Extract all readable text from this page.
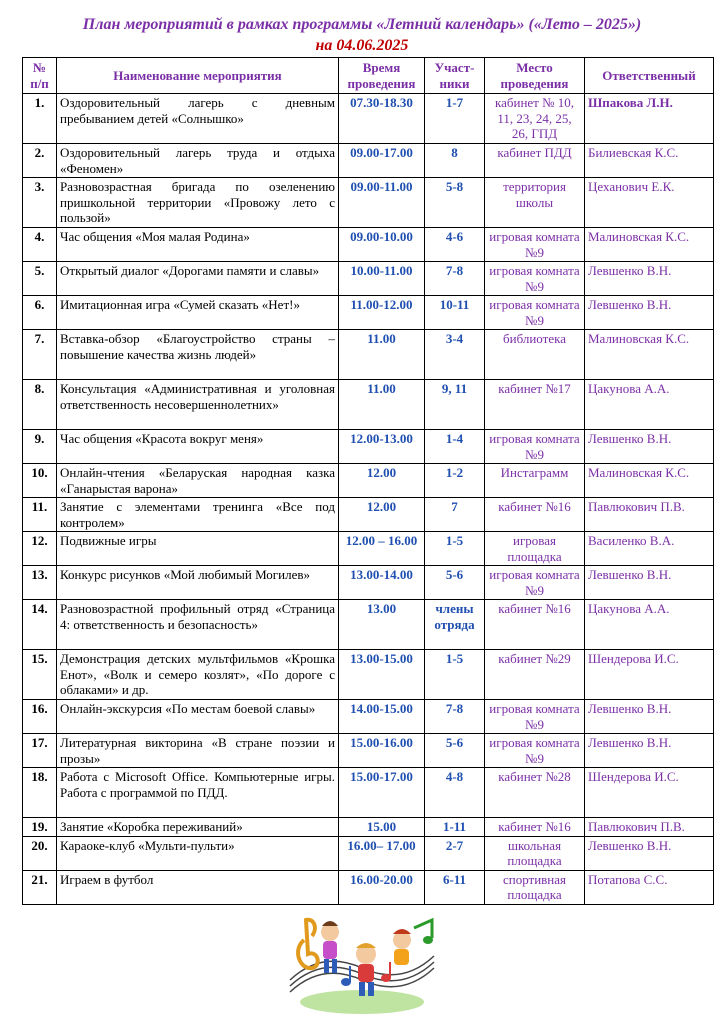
План мероприятий в рамках программы «Летний календарь» («Лето – 2025»)
на 04.06.2025
№ п/п	Наименование мероприятия	Время проведения	Участ-ники	Место проведения	Ответственный
1.	Оздоровительный лагерь с дневным пребыванием детей «Солнышко»	07.30-18.30	1-7	кабинет № 10, 11, 23, 24, 25, 26, ГПД	Шпакова Л.Н.
2.	Оздоровительный лагерь труда и отдыха «Феномен»	09.00-17.00	8	кабинет ПДД	Билиевская К.С.
3.	Разновозрастная бригада по озеленению пришкольной территории «Провожу лето с пользой»	09.00-11.00	5-8	территория школы	Цеханович Е.К.
4.	Час общения «Моя малая Родина»	09.00-10.00	4-6	игровая комната №9	Малиновская К.С.
5.	Открытый диалог «Дорогами памяти и славы»	10.00-11.00	7-8	игровая комната №9	Левшенко В.Н.
6.	Имитационная игра «Сумей сказать «Нет!»	11.00-12.00	10-11	игровая комната №9	Левшенко В.Н.
7.	Вставка-обзор «Благоустройство страны – повышение качества жизнь людей»	11.00	3-4	библиотека	Малиновская К.С.
8.	Консультация «Административная и уголовная ответственность несовершеннолетних»	11.00	9, 11	кабинет №17	Цакунова А.А.
9.	Час общения «Красота вокруг меня»	12.00-13.00	1-4	игровая комната №9	Левшенко В.Н.
10.	Онлайн-чтения «Беларуская народная казка «Ганарыстая варона»	12.00	1-2	Инстаграмм	Малиновская К.С.
11.	Занятие с элементами тренинга «Все под контролем»	12.00	7	кабинет №16	Павлюкович П.В.
12.	Подвижные игры	12.00 – 16.00	1-5	игровая площадка	Василенко В.А.
13.	Конкурс рисунков «Мой любимый Могилев»	13.00-14.00	5-6	игровая комната №9	Левшенко В.Н.
14.	Разновозрастной профильный отряд «Страница 4: ответственность и безопасность»	13.00	члены отряда	кабинет №16	Цакунова А.А.
15.	Демонстрация детских мультфильмов «Крошка Енот», «Волк и семеро козлят», «По дороге с облаками» и др.	13.00-15.00	1-5	кабинет №29	Шендерова И.С.
16.	Онлайн-экскурсия «По местам боевой славы»	14.00-15.00	7-8	игровая комната №9	Левшенко В.Н.
17.	Литературная викторина «В стране поэзии и прозы»	15.00-16.00	5-6	игровая комната №9	Левшенко В.Н.
18.	Работа с Microsoft Office. Компьютерные игры. Работа с программой по ПДД.	15.00-17.00	4-8	кабинет №28	Шендерова И.С.
19.	Занятие «Коробка переживаний»	15.00	1-11	кабинет №16	Павлюкович П.В.
20.	Караоке-клуб «Мульти-пульти»	16.00– 17.00	2-7	школьная площадка	Левшенко В.Н.
21.	Играем в футбол	16.00-20.00	6-11	спортивная площадка	Потапова С.С.
